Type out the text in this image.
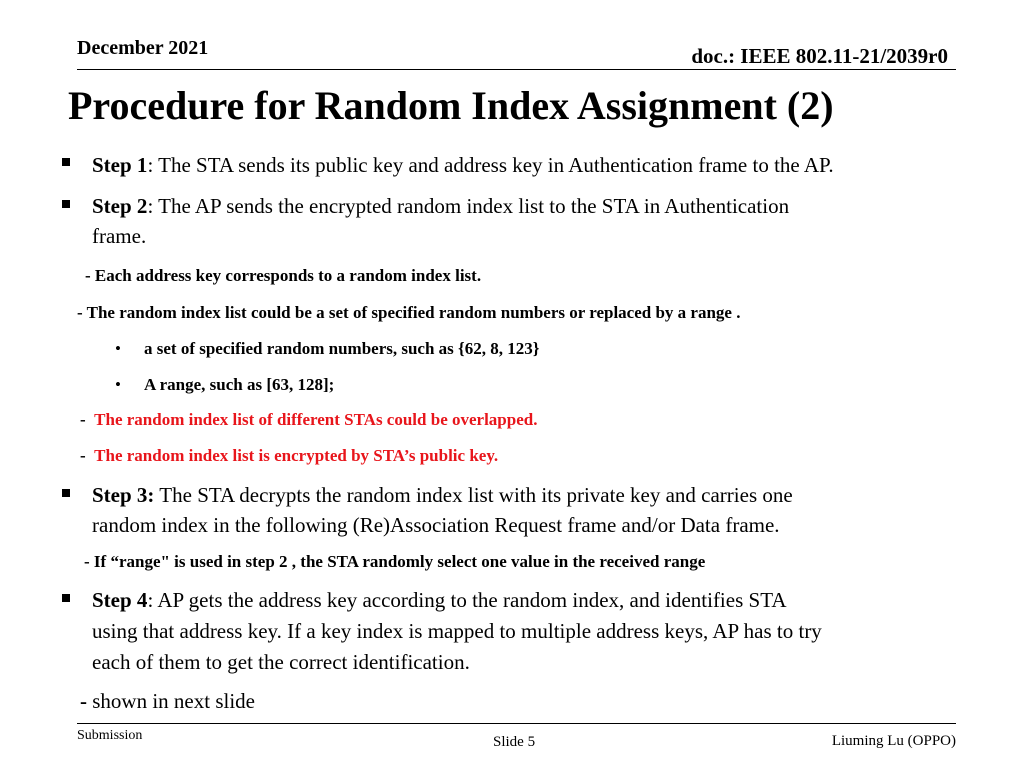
December 2021	doc.: IEEE 802.11-21/2039r0
Procedure for Random Index Assignment (2)
Step 1: The STA sends its public key and address key in Authentication frame to the AP.
Step 2: The AP sends the encrypted random index list to the STA in Authentication
frame.
- Each address key corresponds to a random index list.
- The random index list could be a set of specified random numbers or replaced by a range .
• a set of specified random numbers, such as {62, 8, 123}
• A range, such as [63, 128];
- The random index list of different STAs could be overlapped.
- The random index list is encrypted by STA’s public key.
Step 3: The STA decrypts the random index list with its private key and carries one
random index in the following (Re)Association Request frame and/or Data frame.
- If “range" is used in step 2 , the STA randomly select one value in the received range
Step 4: AP gets the address key according to the random index, and identifies STA
using that address key. If a key index is mapped to multiple address keys, AP has to try
each of them to get the correct identification.
- shown in next slide
Submission	Slide 5	Liuming Lu (OPPO)
